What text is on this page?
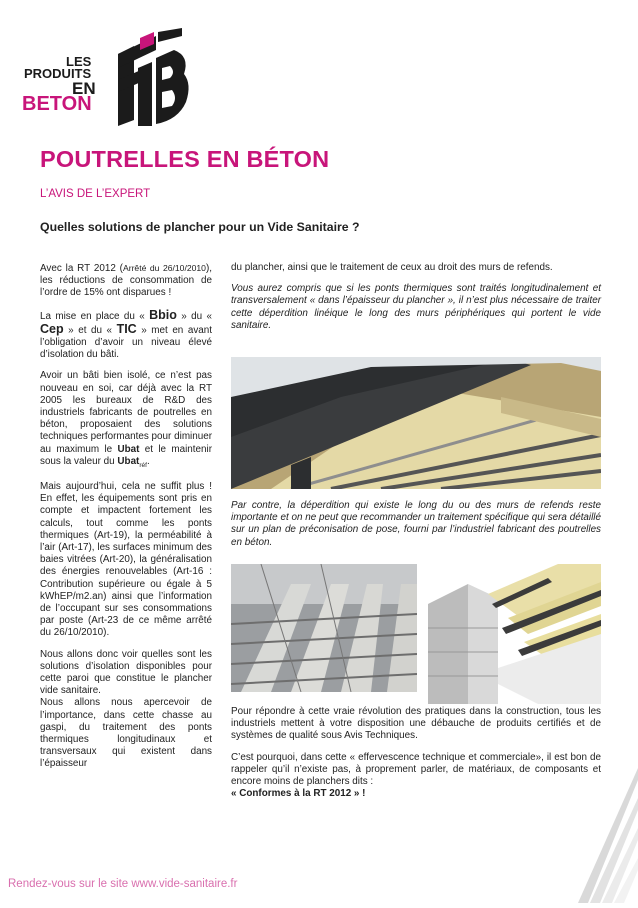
LES
PRODUITS
EN
BETON
POUTRELLES EN BÉTON
L’AVIS DE L’EXPERT
Quelles solutions de plancher pour un Vide Sanitaire ?

Avec la RT 2012 (Arrêté du 26/10/2010), les réductions de consommation de l’ordre de 15% ont disparues !

La mise en place du « Bbio » du « Cep » et du « TIC » met en avant l’obligation d’avoir un niveau élevé d’isolation du bâti.

Avoir un bâti bien isolé, ce n’est pas nouveau en soi, car déjà avec la RT 2005 les bureaux de R&D des industriels fabricants de poutrelles en béton, proposaient des solutions techniques performantes pour diminuer au maximum le Ubat et le maintenir sous la valeur du Ubat$_{réf}$.

Mais aujourd’hui, cela ne suffit plus ! En effet, les équipements sont pris en compte et impactent fortement les calculs, tout comme les ponts thermiques (Art-19), la perméabilité à l’air (Art-17), les surfaces minimum des baies vitrées (Art-20), la généralisation des énergies renouvelables (Art-16 : Contribution supérieure ou égale à 5 kWhEP/m2.an) ainsi que l’information de l’occupant sur ses consommations par poste (Art-23 de ce même arrêté du 26/10/2010).

Nous allons donc voir quelles sont les solutions d’isolation disponibles pour cette paroi que constitue le plancher vide sanitaire.

Nous allons nous apercevoir de l’importance, dans cette chasse au gaspi, du traitement des ponts thermiques longitudinaux et transversaux qui existent dans l’épaisseur

du plancher, ainsi que le traitement de ceux au droit des murs de refends.

Vous aurez compris que si les ponts thermiques sont traités longitudinalement et transversalement « dans l’épaisseur du plancher », il n’est plus nécessaire de traiter cette déperdition linéique le long des murs périphériques qui portent le vide sanitaire.

Par contre, la déperdition qui existe le long du ou des murs de refends reste importante et on ne peut que recommander un traitement spécifique qui sera détaillé sur un plan de préconisation de pose, fourni par l’industriel fabricant des poutrelles en béton.

Pour répondre à cette vraie révolution des pratiques dans la construction, tous les industriels mettent à votre disposition une débauche de produits certifiés et de systèmes de qualité sous Avis Techniques.

C’est pourquoi, dans cette « effervescence technique et commerciale», il est bon de rappeler qu’il n’existe pas, à proprement parler, de matériaux, de composants et encore moins de planchers dits :

« Conformes à la RT 2012 » !

Rendez-vous sur le site www.vide-sanitaire.fr
